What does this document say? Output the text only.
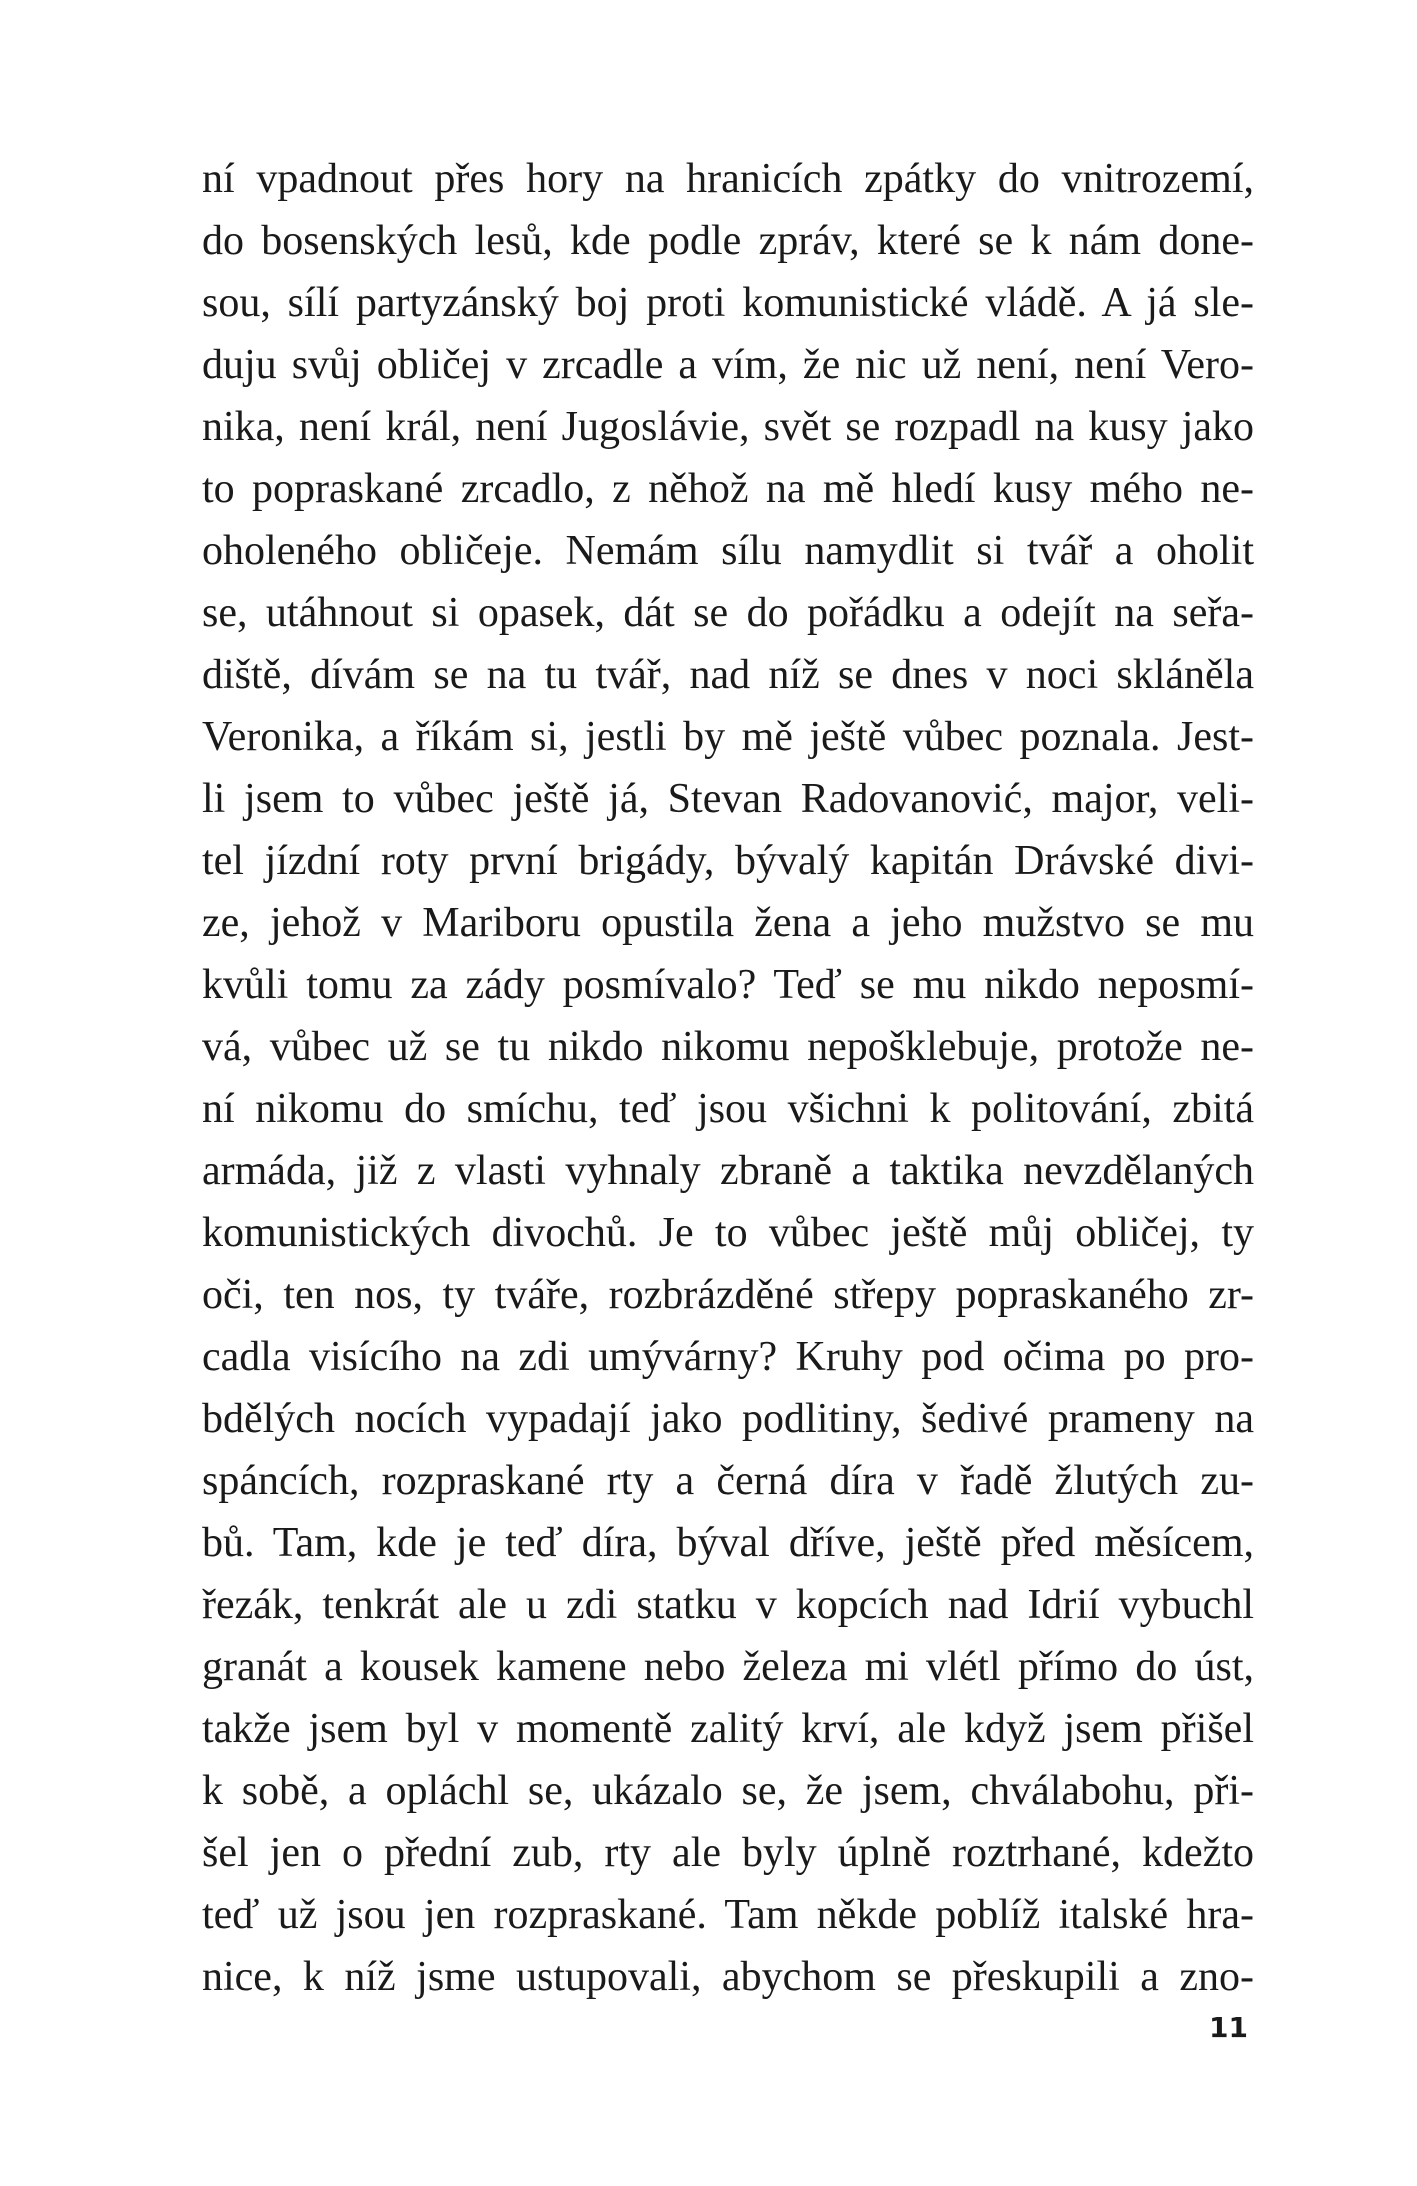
ní vpadnout přes hory na hranicích zpátky do vnitrozemí,
do bosenských lesů, kde podle zpráv, které se k nám done-
sou, sílí partyzánský boj proti komunistické vládě. A já sle-
duju svůj obličej v zrcadle a vím, že nic už není, není Vero-
nika, není král, není Jugoslávie, svět se rozpadl na kusy jako
to popraskané zrcadlo, z něhož na mě hledí kusy mého ne-
oholeného obličeje. Nemám sílu namydlit si tvář a oholit
se, utáhnout si opasek, dát se do pořádku a odejít na seřa-
diště, dívám se na tu tvář, nad níž se dnes v noci skláněla
Veronika, a říkám si, jestli by mě ještě vůbec poznala. Jest-
li jsem to vůbec ještě já, Stevan Radovanović, major, veli-
tel jízdní roty první brigády, bývalý kapitán Drávské divi-
ze, jehož v Mariboru opustila žena a jeho mužstvo se mu
kvůli tomu za zády posmívalo? Teď se mu nikdo neposmí-
vá, vůbec už se tu nikdo nikomu nepošklebuje, protože ne-
ní nikomu do smíchu, teď jsou všichni k politování, zbitá
armáda, již z vlasti vyhnaly zbraně a taktika nevzdělaných
komunistických divochů. Je to vůbec ještě můj obličej, ty
oči, ten nos, ty tváře, rozbrázděné střepy popraskaného zr-
cadla visícího na zdi umývárny? Kruhy pod očima po pro-
bdělých nocích vypadají jako podlitiny, šedivé prameny na
spáncích, rozpraskané rty a černá díra v řadě žlutých zu-
bů. Tam, kde je teď díra, býval dříve, ještě před měsícem,
řezák, tenkrát ale u zdi statku v kopcích nad Idrií vybuchl
granát a kousek kamene nebo železa mi vlétl přímo do úst,
takže jsem byl v momentě zalitý krví, ale když jsem přišel
k sobě, a opláchl se, ukázalo se, že jsem, chválabohu, při-
šel jen o přední zub, rty ale byly úplně roztrhané, kdežto
teď už jsou jen rozpraskané. Tam někde poblíž italské hra-
nice, k níž jsme ustupovali, abychom se přeskupili a zno-
11
